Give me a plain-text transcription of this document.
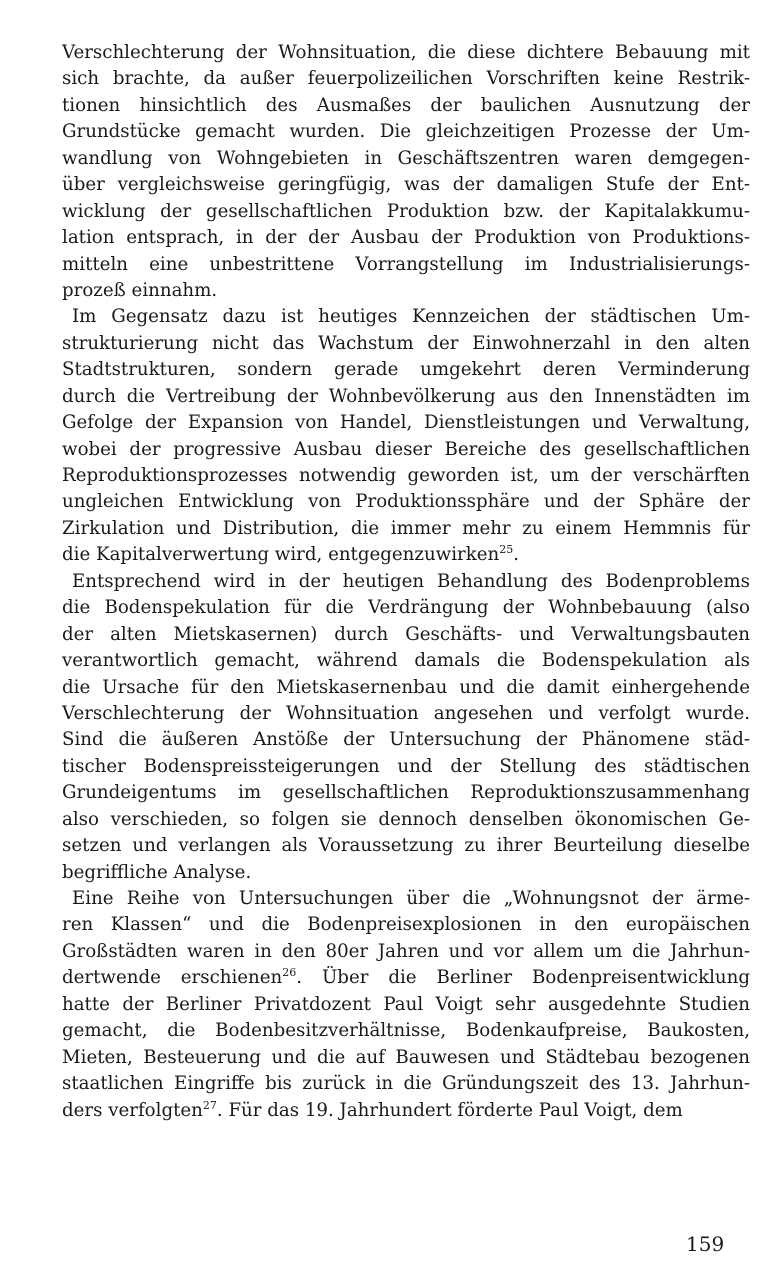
Verschlechterung der Wohnsituation, die diese dichtere Bebauung mit
sich brachte, da außer feuerpolizeilichen Vorschriften keine Restrik-
tionen hinsichtlich des Ausmaßes der baulichen Ausnutzung der
Grundstücke gemacht wurden. Die gleichzeitigen Prozesse der Um-
wandlung von Wohngebieten in Geschäftszentren waren demgegen-
über vergleichsweise geringfügig, was der damaligen Stufe der Ent-
wicklung der gesellschaftlichen Produktion bzw. der Kapitalakkumu-
lation entsprach, in der der Ausbau der Produktion von Produktions-
mitteln eine unbestrittene Vorrangstellung im Industrialisierungs-
prozeß einnahm.
Im Gegensatz dazu ist heutiges Kennzeichen der städtischen Um-
strukturierung nicht das Wachstum der Einwohnerzahl in den alten
Stadtstrukturen, sondern gerade umgekehrt deren Verminderung
durch die Vertreibung der Wohnbevölkerung aus den Innenstädten im
Gefolge der Expansion von Handel, Dienstleistungen und Verwaltung,
wobei der progressive Ausbau dieser Bereiche des gesellschaftlichen
Reproduktionsprozesses notwendig geworden ist, um der verschärften
ungleichen Entwicklung von Produktionssphäre und der Sphäre der
Zirkulation und Distribution, die immer mehr zu einem Hemmnis für
die Kapitalverwertung wird, entgegenzuwirken$^{25}$.
Entsprechend wird in der heutigen Behandlung des Bodenproblems
die Bodenspekulation für die Verdrängung der Wohnbebauung (also
der alten Mietskasernen) durch Geschäfts- und Verwaltungsbauten
verantwortlich gemacht, während damals die Bodenspekulation als
die Ursache für den Mietskasernenbau und die damit einhergehende
Verschlechterung der Wohnsituation angesehen und verfolgt wurde.
Sind die äußeren Anstöße der Untersuchung der Phänomene städ-
tischer Bodenspreissteigerungen und der Stellung des städtischen
Grundeigentums im gesellschaftlichen Reproduktionszusammenhang
also verschieden, so folgen sie dennoch denselben ökonomischen Ge-
setzen und verlangen als Voraussetzung zu ihrer Beurteilung dieselbe
begriffliche Analyse.
Eine Reihe von Untersuchungen über die „Wohnungsnot der ärme-
ren Klassen“ und die Bodenpreisexplosionen in den europäischen
Großstädten waren in den 80er Jahren und vor allem um die Jahrhun-
dertwende erschienen$^{26}$. Über die Berliner Bodenpreisentwicklung
hatte der Berliner Privatdozent Paul Voigt sehr ausgedehnte Studien
gemacht, die Bodenbesitzverhältnisse, Bodenkaufpreise, Baukosten,
Mieten, Besteuerung und die auf Bauwesen und Städtebau bezogenen
staatlichen Eingriffe bis zurück in die Gründungszeit des 13. Jahrhun-
ders verfolgten$^{27}$. Für das 19. Jahrhundert förderte Paul Voigt, dem
159
